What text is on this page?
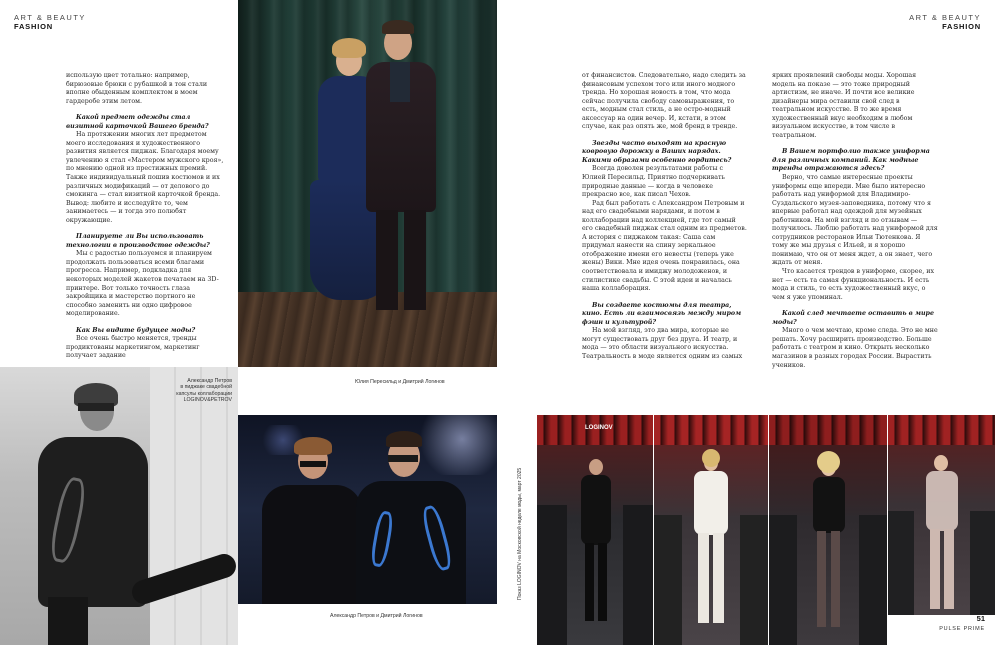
ART & BEAUTY
FASHION
ART & BEAUTY
FASHION

использую цвет тотально: например, бирюзовые брюки с рубашкой в тон стали вполне обыденным комплектом в моем гардеробе этим летом.

Какой предмет одежды стал визитной карточкой Вашего бренда?

На протяжении многих лет предметом моего исследования и художественного развития является пиджак. Благодаря моему увлечению я стал «Мастером мужского кроя», по мнению одной из престижных премий. Также индивидуальный пошив костюмов и их различных модификаций — от делового до смокинга — стал визитной карточкой бренда. Вывод: любите и исследуйте то, чем занимаетесь — и тогда это полюбят окружающие.

Планируете ли Вы использовать технологии в производстве одежды?

Мы с радостью пользуемся и планируем продолжать пользоваться всеми благами прогресса. Например, подкладка для некоторых моделей жакетов печатаем на 3D-принтере. Вот только точность глаза закройщика и мастерство портного не способно заменить ни одно цифровое моделирование.

Как Вы видите будущее моды?

Все очень быстро меняется, тренды продиктованы маркетингом, маркетинг получает задание

Юлия Пересильд и Дмитрий Логинов
Александр Петров
в пиджаке свадебной
капсулы коллаборации
LOGINOV&PETROV
Александр Петров и Дмитрий Логинов

от финансистов. Следовательно, надо следить за финансовым успехом того или иного модного тренда. Но хорошая новость в том, что мода сейчас получила свободу самовыражения, то есть, модным стал стиль, а не остро-модный аксессуар на один вечер. И, кстати, в этом случае, как раз опять же, мой бренд в тренде.

Звезды часто выходят на красную ковровую дорожку в Ваших нарядах. Какими образами особенно гордитесь?

Всегда доволен результатами работы с Юлией Пересильд. Приятно подчеркивать природные данные — когда в человеке прекрасно все, как писал Чехов.

Рад был работать с Александром Петровым и над его свадебными нарядами, и потом в коллаборации над коллекцией, где тот самый его свадебный пиджак стал одним из предметов. А история с пиджаком такая: Саша сам придумал нанести на спину зеркальное отображение имени его невесты (теперь уже жены) Вики. Мне идея очень понравилась, она соответствовала и имиджу молодоженов, и стилистике свадьбы. С этой идеи и началась наша коллаборация.

Вы создаете костюмы для театра, кино. Есть ли взаимосвязь между миром фэшн и культурой?

На мой взгляд, это два мира, которые не могут существовать друг без друга. И театр, и мода — это области визуального искусства. Театральность в моде является одним из самых

ярких проявлений свободы моды. Хорошая модель на показе — это тоже природный артистизм, не иначе. И почти все великие дизайнеры мира оставили свой след в театральном искусстве. В то же время художественный вкус необходим в любом визуальном искусстве, в том числе в театральном.

В Вашем портфолио также униформа для различных компаний. Как модные тренды отражаются здесь?

Верно, что самые интересные проекты униформы еще впереди. Мне было интересно работать над униформой для Владимиро-Суздальского музея-заповедника, потому что я впервые работал над одеждой для музейных работников. На мой взгляд и по отзывам — получилось. Люблю работать над униформой для сотрудников ресторанов Ильи Тютенкова. Я тому же мы друзья с Ильей, и я хорошо понимаю, что он от меня ждет, а он знает, чего ждать от меня.

Что касается трендов в униформе, скорее, их нет — есть та самая функциональность. И есть мода и стиль, то есть художественный вкус, о чем я уже упоминал.

Какой след мечтаете оставить в мире моды?

Много о чем мечтаю, кроме следа. Это не мне решать. Хочу расширить производство. Больше работать с театром и кино. Открыть несколько магазинов в разных городах России. Вырастить учеников.

Показ LOGINOV на Московской неделе моды, март 2025
LOGINOV
51
PULSE PRIME
